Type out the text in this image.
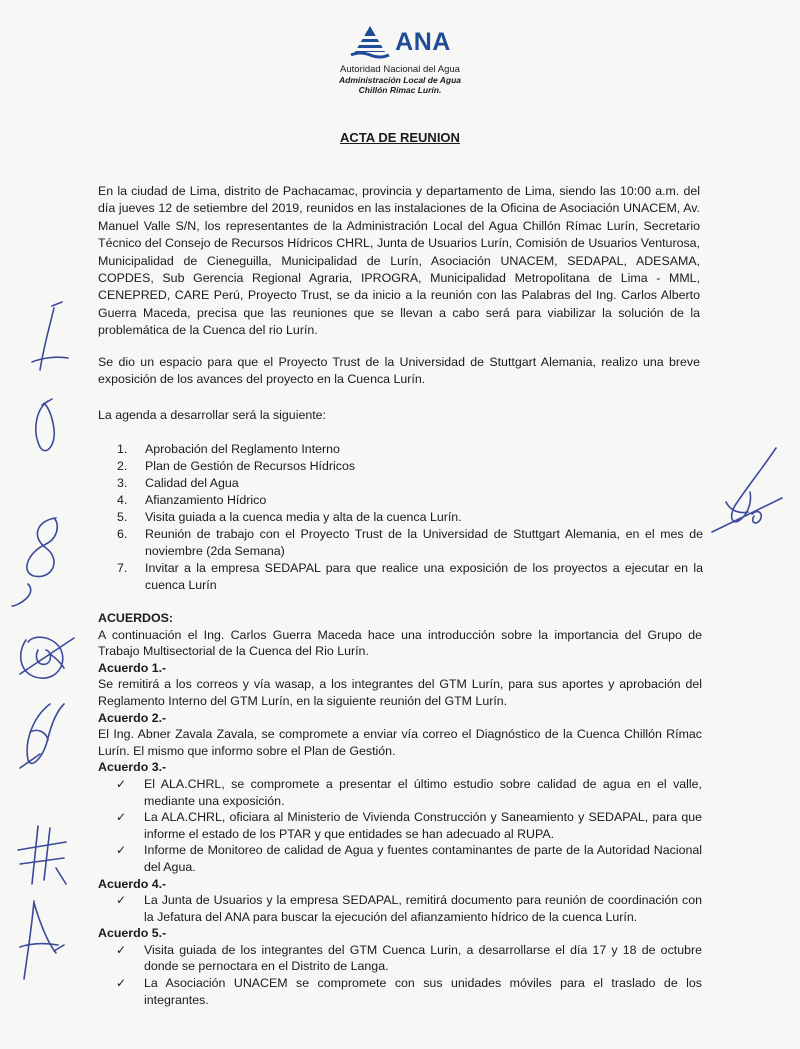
ANA
Autoridad Nacional del Agua
Administración Local de Agua
Chillón Rímac Lurín.
ACTA DE REUNION
En la ciudad de Lima, distrito de Pachacamac, provincia y departamento de Lima, siendo las 10:00 a.m. del día jueves 12 de setiembre del 2019, reunidos en las instalaciones de la Oficina de Asociación UNACEM, Av. Manuel Valle S/N, los representantes de la Administración Local del Agua Chillón Rímac Lurín, Secretario Técnico del Consejo de Recursos Hídricos CHRL, Junta de Usuarios Lurín, Comisión de Usuarios Venturosa, Municipalidad de Cieneguilla, Municipalidad de Lurín, Asociación UNACEM, SEDAPAL, ADESAMA, COPDES, Sub Gerencia Regional Agraria, IPROGRA, Municipalidad Metropolitana de Lima - MML, CENEPRED, CARE Perú, Proyecto Trust, se da inicio a la reunión con las Palabras del Ing. Carlos Alberto Guerra Maceda, precisa que las reuniones que se llevan a cabo será para viabilizar la solución de la problemática de la Cuenca del rio Lurín.
Se dio un espacio para que el Proyecto Trust de la Universidad de Stuttgart Alemania, realizo una breve exposición de los avances del proyecto en la Cuenca Lurín.
La agenda a desarrollar será la siguiente:
1.	Aprobación del Reglamento Interno
2.	Plan de Gestión de Recursos Hídricos
3.	Calidad del Agua
4.	Afianzamiento Hídrico
5.	Visita guiada a la cuenca media y alta de la cuenca Lurín.
6.	Reunión de trabajo con el Proyecto Trust de la Universidad de Stuttgart Alemania, en el mes de noviembre (2da Semana)
7.	Invitar a la empresa SEDAPAL para que realice una exposición de los proyectos a ejecutar en la cuenca Lurín
ACUERDOS:
A continuación el Ing. Carlos Guerra Maceda hace una introducción sobre la importancia del Grupo de Trabajo Multisectorial de la Cuenca del Rio Lurín.
Acuerdo 1.-
Se remitirá a los correos y vía wasap, a los integrantes del GTM Lurín, para sus aportes y aprobación del Reglamento Interno del GTM Lurín, en la siguiente reunión del GTM Lurín.
Acuerdo 2.-
El Ing. Abner Zavala Zavala, se compromete a enviar vía correo el Diagnóstico de la Cuenca Chillón Rímac Lurín. El mismo que informo sobre el Plan de Gestión.
Acuerdo 3.-
✓	El ALA.CHRL, se compromete a presentar el último estudio sobre calidad de agua en el valle, mediante una exposición.
✓	La ALA.CHRL, oficiara al Ministerio de Vivienda Construcción y Saneamiento y SEDAPAL, para que informe el estado de los PTAR y que entidades se han adecuado al RUPA.
✓	Informe de Monitoreo de calidad de Agua y fuentes contaminantes de parte de la Autoridad Nacional del Agua.
Acuerdo 4.-
✓	La Junta de Usuarios y la empresa SEDAPAL, remitirá documento para reunión de coordinación con la Jefatura del ANA para buscar la ejecución del afianzamiento hídrico de la cuenca Lurín.
Acuerdo 5.-
✓	Visita guiada de los integrantes del GTM Cuenca Lurin, a desarrollarse el día 17 y 18 de octubre donde se pernoctara en el Distrito de Langa.
✓	La Asociación UNACEM se compromete con sus unidades móviles para el traslado de los integrantes.
